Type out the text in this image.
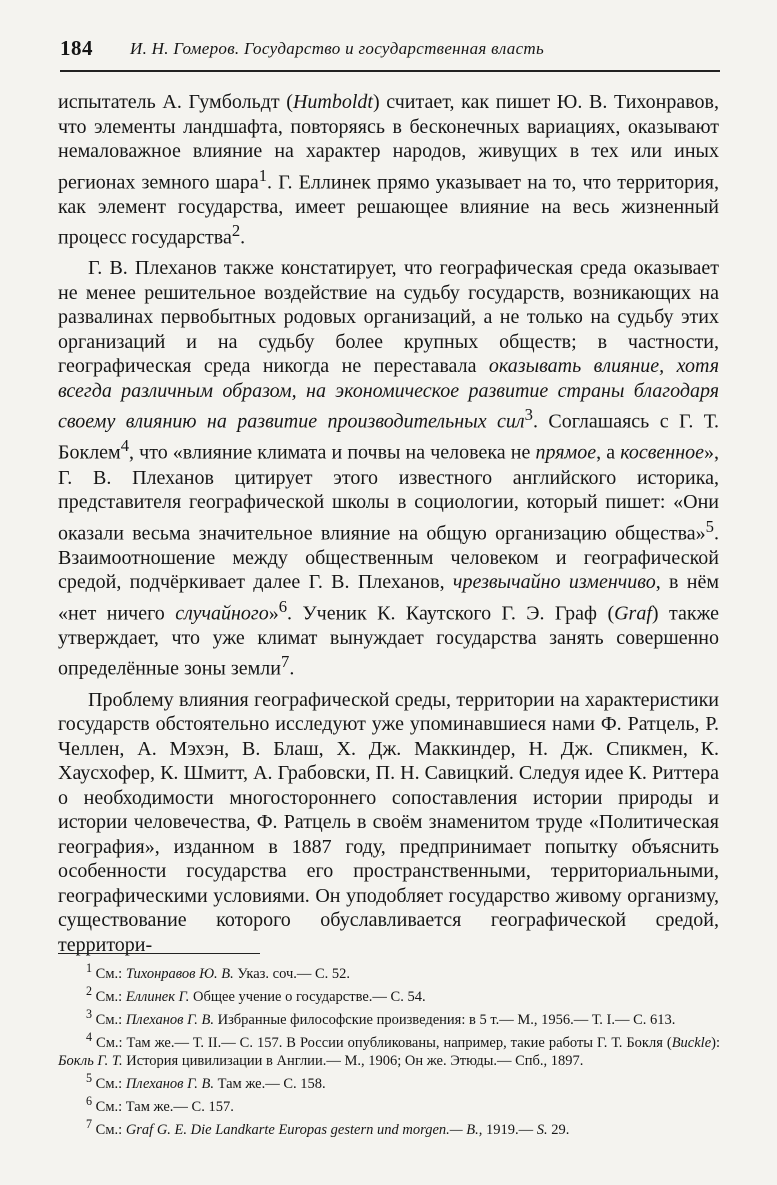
184 И. Н. Гомеров. Государство и государственная власть

испытатель А. Гумбольдт (Humboldt) считает, как пишет Ю. В. Тихонравов, что элементы ландшафта, повторяясь в бесконечных вариациях, оказывают немаловажное влияние на характер народов, живущих в тех или иных регионах земного шара$^1$. Г. Еллинек прямо указывает на то, что территория, как элемент государства, имеет решающее влияние на весь жизненный процесс государства$^2$.

Г. В. Плеханов также констатирует, что географическая среда оказывает не менее решительное воздействие на судьбу государств, возникающих на развалинах первобытных родовых организаций, а не только на судьбу этих организаций и на судьбу более крупных обществ; в частности, географическая среда никогда не переставала оказывать влияние, хотя всегда различным образом, на экономическое развитие страны благодаря своему влиянию на развитие производительных сил$^3$. Соглашаясь с Г. Т. Боклем$^4$, что «влияние климата и почвы на человека не прямое, а косвенное», Г. В. Плеханов цитирует этого известного английского историка, представителя географической школы в социологии, который пишет: «Они оказали весьма значительное влияние на общую организацию общества»$^5$. Взаимоотношение между общественным человеком и географической средой, подчёркивает далее Г. В. Плеханов, чрезвычайно изменчиво, в нём «нет ничего случайного»$^6$. Ученик К. Каутского Г. Э. Граф (Graf) также утверждает, что уже климат вынуждает государства занять совершенно определённые зоны земли$^7$.

Проблему влияния географической среды, территории на характеристики государств обстоятельно исследуют уже упоминавшиеся нами Ф. Ратцель, Р. Челлен, А. Мэхэн, В. Блаш, Х. Дж. Маккиндер, Н. Дж. Спикмен, К. Хаусхофер, К. Шмитт, А. Грабовски, П. Н. Савицкий. Следуя идее К. Риттера о необходимости многостороннего сопоставления истории природы и истории человечества, Ф. Ратцель в своём знаменитом труде «Политическая география», изданном в 1887 году, предпринимает попытку объяснить особенности государства его пространственными, территориальными, географическими условиями. Он уподобляет государство живому организму, существование которого обуславливается географической средой, территори-

$^1$ См.: Тихонравов Ю. В. Указ. соч.— С. 52.

$^2$ См.: Еллинек Г. Общее учение о государстве.— С. 54.

$^3$ См.: Плеханов Г. В. Избранные философские произведения: в 5 т.— М., 1956.— Т. I.— С. 613.

$^4$ См.: Там же.— Т. II.— С. 157. В России опубликованы, например, такие работы Г. Т. Бокля (Buckle): Бокль Г. Т. История цивилизации в Англии.— М., 1906; Он же. Этюды.— Спб., 1897.

$^5$ См.: Плеханов Г. В. Там же.— С. 158.

$^6$ См.: Там же.— С. 157.

$^7$ См.: Graf G. E. Die Landkarte Europas gestern und morgen.— B., 1919.— S. 29.
